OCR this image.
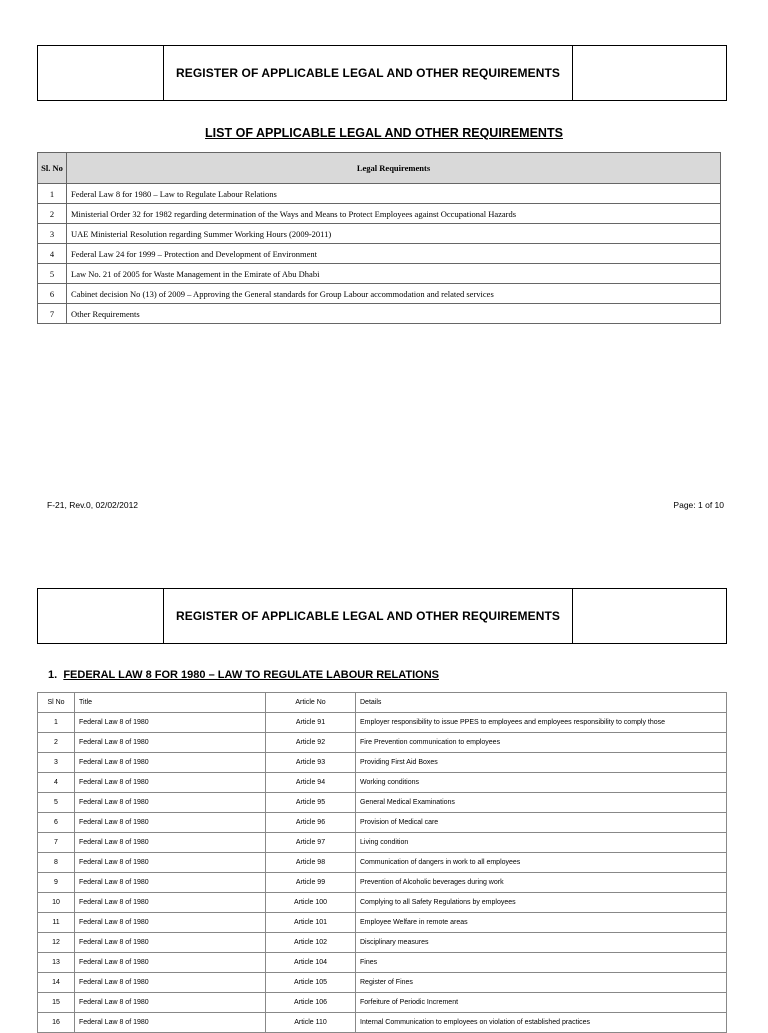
REGISTER OF APPLICABLE LEGAL AND OTHER REQUIREMENTS
LIST OF APPLICABLE LEGAL AND OTHER REQUIREMENTS
Sl. No	Legal Requirements
1	Federal Law 8 for 1980 – Law to Regulate Labour Relations
2	Ministerial Order 32 for 1982 regarding determination of the Ways and Means to Protect Employees against Occupational Hazards
3	UAE Ministerial Resolution regarding Summer Working Hours (2009-2011)
4	Federal Law 24 for 1999 – Protection and Development of Environment
5	Law No. 21 of 2005 for Waste Management in the Emirate of Abu Dhabi
6	Cabinet decision No (13) of 2009 – Approving the General standards for Group Labour accommodation and related services
7	Other Requirements
F-21, Rev.0, 02/02/2012	Page: 1 of 10
REGISTER OF APPLICABLE LEGAL AND OTHER REQUIREMENTS
1. FEDERAL LAW 8 FOR 1980 – LAW TO REGULATE LABOUR RELATIONS
Sl No	Title	Article No	Details
1	Federal Law 8 of 1980	Article 91	Employer responsibility to issue PPES to employees and employees responsibility to comply those
2	Federal Law 8 of 1980	Article 92	Fire Prevention communication to employees
3	Federal Law 8 of 1980	Article 93	Providing First Aid Boxes
4	Federal Law 8 of 1980	Article 94	Working conditions
5	Federal Law 8 of 1980	Article 95	General Medical Examinations
6	Federal Law 8 of 1980	Article 96	Provision of Medical care
7	Federal Law 8 of 1980	Article 97	Living condition
8	Federal Law 8 of 1980	Article 98	Communication of dangers in work to all employees
9	Federal Law 8 of 1980	Article 99	Prevention of Alcoholic beverages during work
10	Federal Law 8 of 1980	Article 100	Complying to all Safety Regulations by employees
11	Federal Law 8 of 1980	Article 101	Employee Welfare in remote areas
12	Federal Law 8 of 1980	Article 102	Disciplinary measures
13	Federal Law 8 of 1980	Article 104	Fines
14	Federal Law 8 of 1980	Article 105	Register of Fines
15	Federal Law 8 of 1980	Article 106	Forfeiture of Periodic Increment
16	Federal Law 8 of 1980	Article 110	Internal Communication to employees on violation of established practices
